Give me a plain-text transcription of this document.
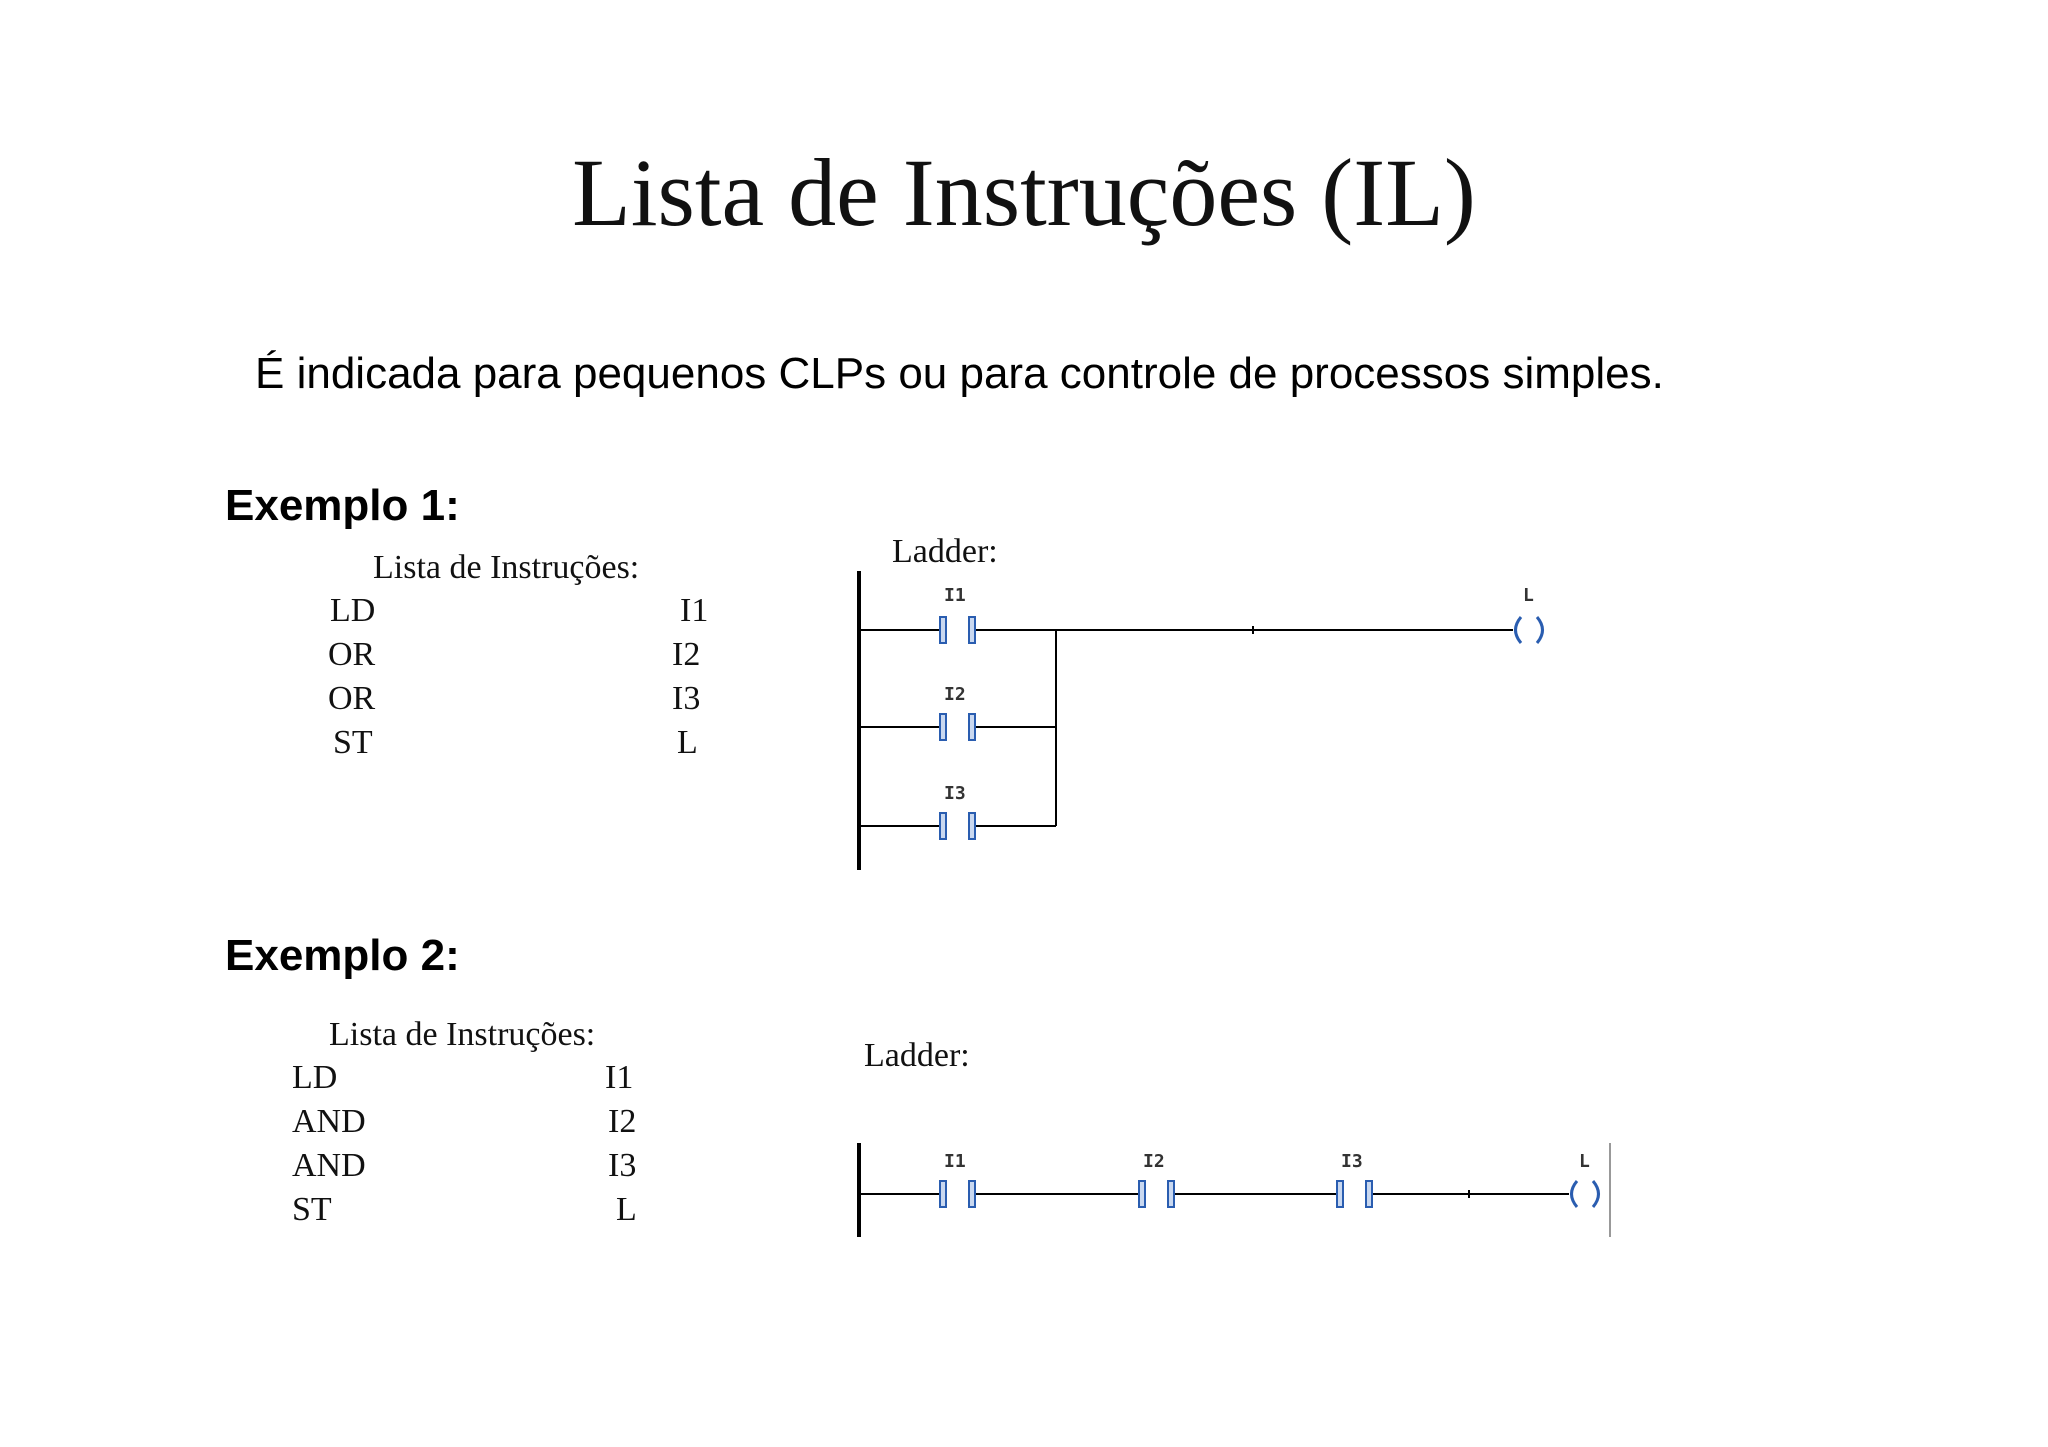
Lista de Instruções (IL)
É indicada para pequenos CLPs ou para controle de processos simples.
Exemplo 1:
Lista de Instruções:
LD	I1
OR	I2
OR	I3
ST	L
Ladder:
I1
I2
I3
L
Exemplo 2:
Lista de Instruções:
LD	I1
AND	I2
AND	I3
ST	L
Ladder:
I1	I2	I3	L
